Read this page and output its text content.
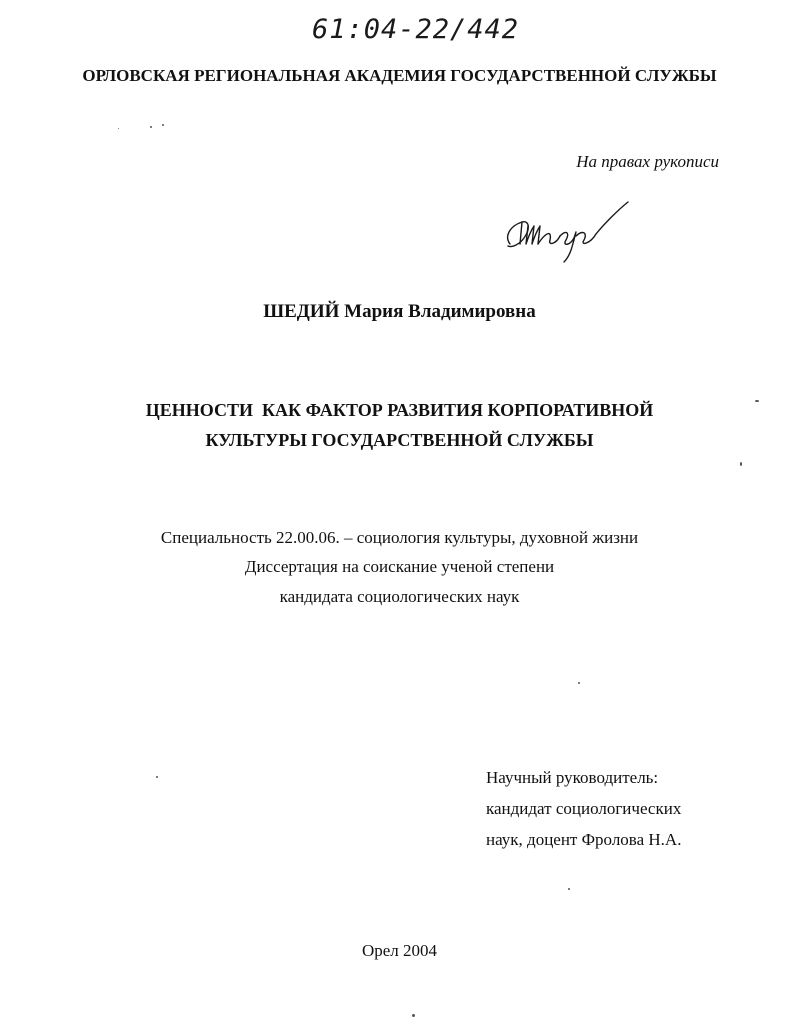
61:04-22/442
ОРЛОВСКАЯ РЕГИОНАЛЬНАЯ АКАДЕМИЯ ГОСУДАРСТВЕННОЙ СЛУЖБЫ
На правах рукописи
ШЕДИЙ Мария Владимировна
ЦЕННОСТИ  КАК ФАКТОР РАЗВИТИЯ КОРПОРАТИВНОЙ
КУЛЬТУРЫ ГОСУДАРСТВЕННОЙ СЛУЖБЫ
Специальность 22.00.06. – социология культуры, духовной жизни
Диссертация на соискание ученой степени
кандидата социологических наук
Научный руководитель:
кандидат социологических
наук, доцент Фролова Н.А.
Орел 2004
